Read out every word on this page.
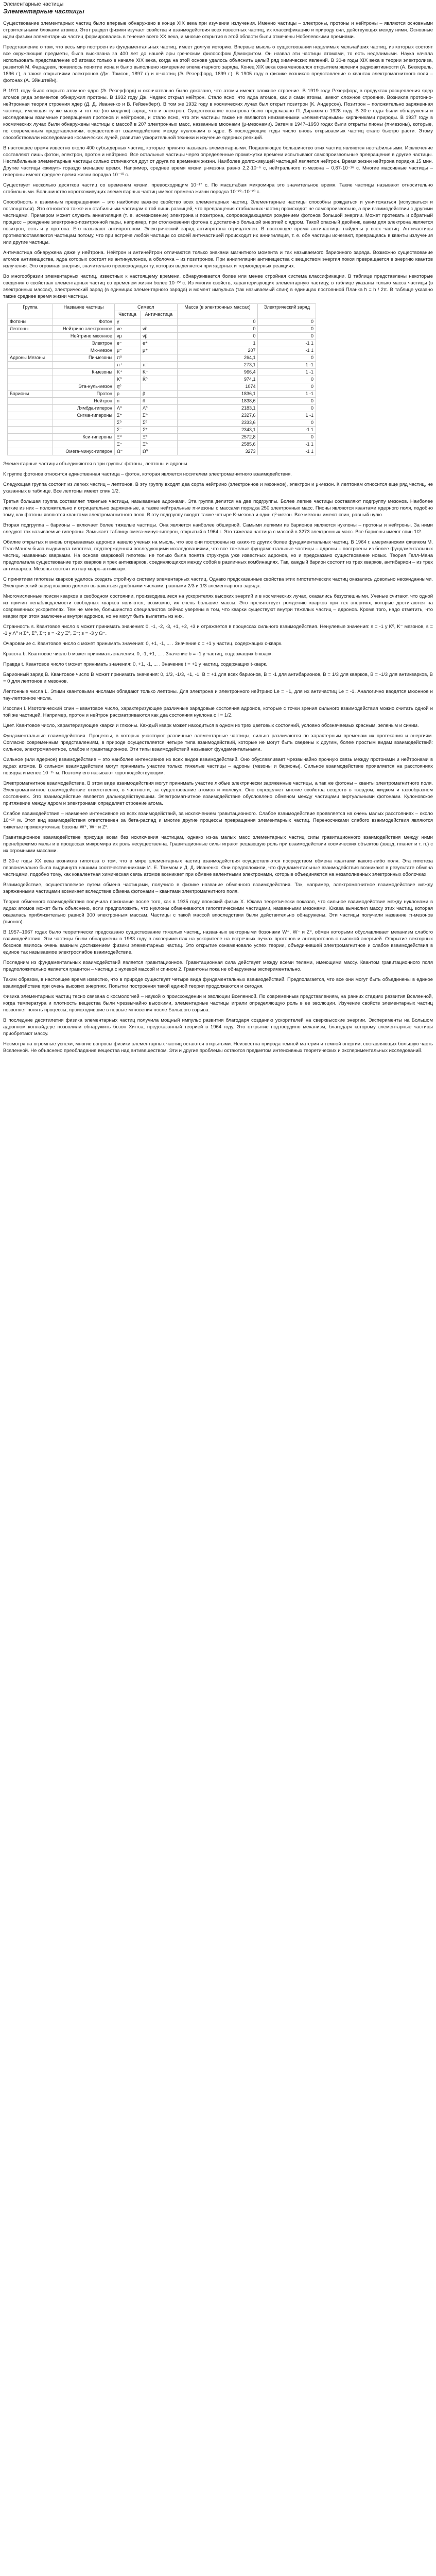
Элементарные частицы
Элементарные частицы

Существование элементарных частиц было впервые обнаружено в конце XIX века при изучении излучения. Именно частицы – электроны, протоны и нейтроны – являются основными строительными блоками атомов. Этот раздел физики изучает свойства и взаимодействия всех известных частиц, их классификацию и природу сил, действующих между ними. Основные идеи физики элементарных частиц формировались в течение всего XX века, и многие открытия в этой области были отмечены Нобелевскими премиями.

Представление о том, что весь мир построен из фундаментальных частиц, имеет долгую историю. Впервые мысль о существовании неделимых мельчайших частиц, из которых состоят все окружающие предметы, была высказана за 400 лет до нашей эры греческим философом Демокритом. Он назвал эти частицы атомами, то есть неделимыми. Наука начала использовать представление об атомах только в начале XIX века, когда на этой основе удалось объяснить целый ряд химических явлений. В 30-е годы XIX века в теории электролиза, развитой М. Фарадеем, появилось понятие иона и было выполнено измерение элементарного заряда. Конец XIX века ознаменовался открытием явления радиоактивности (А. Беккерель, 1896 г.), а также открытиями электронов (Дж. Томсон, 1897 г.) и α-частиц (Э. Резерфорд, 1899 г.). В 1905 году в физике возникло представление о квантах электромагнитного поля – фотонах (А. Эйнштейн).

В 1911 году было открыто атомное ядро (Э. Резерфорд) и окончательно было доказано, что атомы имеют сложное строение. В 1919 году Резерфорд в продуктах расщепления ядер атомов ряда элементов обнаружил протоны. В 1932 году Дж. Чедвик открыл нейтрон. Стало ясно, что ядра атомов, как и сами атомы, имеют сложное строение. Возникла протонно-нейтронная теория строения ядер (Д. Д. Иваненко и В. Гейзенберг). В том же 1932 году в космических лучах был открыт позитрон (К. Андерсон). Позитрон – положительно заряженная частица, имеющая ту же массу и тот же (по модулю) заряд, что и электрон. Существование позитрона было предсказано П. Дираком в 1928 году. В 30-е годы были обнаружены и исследованы взаимные превращения протонов и нейтронов, и стало ясно, что эти частицы также не являются неизменными «элементарными» кирпичиками природы. В 1937 году в космических лучах были обнаружены частицы с массой в 207 электронных масс, названные мюонами (μ-мезонами). Затем в 1947–1950 годах были открыты пионы (π-мезоны), которые, по современным представлениям, осуществляют взаимодействие между нуклонами в ядре. В последующие годы число вновь открываемых частиц стало быстро расти. Этому способствовали исследования космических лучей, развитие ускорительной техники и изучение ядерных реакций.

В настоящее время известно около 400 субъядерных частиц, которые принято называть элементарными. Подавляющее большинство этих частиц являются нестабильными. Исключение составляют лишь фотон, электрон, протон и нейтрино. Все остальные частицы через определенные промежутки времени испытывают самопроизвольные превращения в другие частицы. Нестабильные элементарные частицы сильно отличаются друг от друга по временам жизни. Наиболее долгоживущей частицей является нейтрон. Время жизни нейтрона порядка 15 мин. Другие частицы «живут» гораздо меньшее время. Например, среднее время жизни μ-мезона равно 2,2·10⁻⁶ с, нейтрального π-мезона – 0,87·10⁻¹⁶ с. Многие массивные частицы – гипероны имеют среднее время жизни порядка 10⁻¹⁰ с.

Существует несколько десятков частиц со временем жизни, превосходящим 10⁻¹⁷ с. По масштабам микромира это значительное время. Такие частицы называют относительно стабильными. Большинство короткоживущих элементарных частиц имеют времена жизни порядка 10⁻²²–10⁻²³ с.

Способность к взаимным превращениям – это наиболее важное свойство всех элементарных частиц. Элементарные частицы способны рождаться и уничтожаться (испускаться и поглощаться). Это относится также и к стабильным частицам с той лишь разницей, что превращения стабильных частиц происходят не самопроизвольно, а при взаимодействии с другими частицами. Примером может служить аннигиляция (т. е. исчезновение) электрона и позитрона, сопровождающаяся рождением фотонов большой энергии. Может протекать и обратный процесс – рождение электронно-позитронной пары, например, при столкновении фотона с достаточно большой энергией с ядром. Такой опасный двойник, каким для электрона является позитрон, есть и у протона. Его называют антипротоном. Электрический заряд антипротона отрицателен. В настоящее время античастицы найдены у всех частиц. Античастицы противопоставляются частицам потому, что при встрече любой частицы со своей античастицей происходит их аннигиляция, т. е. обе частицы исчезают, превращаясь в кванты излучения или другие частицы.

Античастица обнаружена даже у нейтрона. Нейтрон и антинейтрон отличаются только знаками магнитного момента и так называемого барионного заряда. Возможно существование атомов антивещества, ядра которых состоят из антинуклонов, а оболочка – из позитронов. При аннигиляции антивещества с веществом энергия покоя превращается в энергию квантов излучения. Это огромная энергия, значительно превосходящая ту, которая выделяется при ядерных и термоядерных реакциях.

Во многообразии элементарных частиц, известных к настоящему времени, обнаруживается более или менее стройная система классификации. В таблице представлены некоторые сведения о свойствах элементарных частиц со временем жизни более 10⁻²⁰ с. Из многих свойств, характеризующих элементарную частицу, в таблице указаны только масса частицы (в электронных массах), электрический заряд (в единицах элементарного заряда) и момент импульса (так называемый спин) в единицах постоянной Планка ħ = h / 2π. В таблице указано также среднее время жизни частицы.

Группа	Название частицы	Символ		Масса (в электронных массах)	Электрический заряд
		Частица	Античастица		
Фотоны	Фотон	γ		0	0
Лептоны	Нейтрино электронное	νe	ν̃e	0	0
	Нейтрино мюонное	νμ	ν̃μ	0	0
	Электрон	e⁻	e⁺	1	-1 1
	Мю-мезон	μ⁻	μ⁺	207	-1 1
Адроны Мезоны	Пи-мезоны	π⁰		264,1	0
		π⁺	π⁻	273,1	1 -1
	К-мезоны	K⁺	K⁻	966,4	1 -1
		K⁰	K̃⁰	974,1	0
	Эта-нуль-мезон	η⁰		1074	0
Барионы	Протон	p	p̃	1836,1	1 -1
	Нейтрон	n	ñ	1838,6	0
	Лямбда-гиперон	Λ⁰	Λ̃⁰	2183,1	0
	Сигма-гипероны	Σ⁺	Σ̃⁻	2327,6	1 -1
		Σ⁰	Σ̃⁰	2333,6	0
		Σ⁻	Σ̃⁺	2343,1	-1 1
	Кси-гипероны	Ξ⁰	Ξ̃⁰	2572,8	0
		Ξ⁻	Ξ̃⁺	2585,6	-1 1
	Омега-минус-гиперон	Ω⁻	Ω̃⁺	3273	-1 1

Элементарные частицы объединяются в три группы: фотоны, лептоны и адроны.

К группе фотонов относится единственная частица – фотон, которая является носителем электромагнитного взаимодействия.

Следующая группа состоит из легких частиц – лептонов. В эту группу входят два сорта нейтрино (электронное и мюонное), электрон и μ-мезон. К лептонам относится еще ряд частиц, не указанных в таблице. Все лептоны имеют спин 1/2.

Третья большая группа составляет тяжелые частицы, называемые адронами. Эта группа делится на две подгруппы. Более легкие частицы составляют подгруппу мезонов. Наиболее легкие из них – положительно и отрицательно заряженные, а также нейтральные π-мезоны с массами порядка 250 электронных масс. Пионы являются квантами ядерного поля, подобно тому, как фотоны являются квантами электромагнитного поля. В эту подгруппу входят также четыре K-мезона и один η⁰-мезон. Все мезоны имеют спин, равный нулю.

Вторая подгруппа – барионы – включает более тяжелые частицы. Она является наиболее обширной. Самыми легкими из барионов являются нуклоны – протоны и нейтроны. За ними следуют так называемые гипероны. Замыкает таблицу омега-минус-гиперон, открытый в 1964 г. Это тяжелая частица с массой в 3273 электронных масс. Все барионы имеют спин 1/2.

Обилие открытых и вновь открываемых адронов навело ученых на мысль, что все они построены из каких-то других более фундаментальных частиц. В 1964 г. американским физиком М. Гелл-Маном была выдвинута гипотеза, подтвержденная последующими исследованиями, что все тяжелые фундаментальные частицы – адроны – построены из более фундаментальных частиц, названных кварками. На основе кварковой гипотезы не только была понята структура уже известных адронов, но и предсказано существование новых. Теория Гелл-Мана предполагала существование трех кварков и трех антикварков, соединяющихся между собой в различных комбинациях. Так, каждый барион состоит из трех кварков, антибарион – из трех антикварков. Мезоны состоят из пар кварк–антикварк.

С принятием гипотезы кварков удалось создать стройную систему элементарных частиц. Однако предсказанные свойства этих гипотетических частиц оказались довольно неожиданными. Электрический заряд кварков должен выражаться дробными числами, равными 2/3 и 1/3 элементарного заряда.

Многочисленные поиски кварков в свободном состоянии, производившиеся на ускорителях высоких энергий и в космических лучах, оказались безуспешными. Ученые считают, что одной из причин ненаблюдаемости свободных кварков являются, возможно, их очень большие массы. Это препятствует рождению кварков при тех энергиях, которые достигаются на современных ускорителях. Тем не менее, большинство специалистов сейчас уверены в том, что кварки существуют внутри тяжелых частиц – адронов. Кроме того, надо отметить, что кварки при этом заключены внутри адронов, но не могут быть вылетать из них.

Странность s. Квантовое число s может принимать значения: 0, -1, -2, -3, +1, +2, +3 и отражается в процессах сильного взаимодействия. Ненулевые значения: s = -1 у K⁰, K⁻ мезонов, s = -1 у Λ⁰ и Σ⁺, Σ⁰, Σ⁻; s = -2 у Ξ⁰, Ξ⁻; s = -3 у Ω⁻.

Очарование c. Квантовое число c может принимать значения: 0, +1, -1, ... . Значение c = +1 у частиц, содержащих c-кварк.

Красота b. Квантовое число b может принимать значения: 0, -1, +1, ... . Значение b = -1 у частиц, содержащих b-кварк.

Правда t. Квантовое число t может принимать значения: 0, +1, -1, ... . Значение t = +1 у частиц, содержащих t-кварк.

Барионный заряд B. Квантовое число B может принимать значения: 0, 1/3, -1/3, +1, -1. B = +1 для всех барионов, B = -1 для антибарионов, B = 1/3 для кварков, B = -1/3 для антикварков, B = 0 для лептонов и мезонов.

Лептонные числа L. Этими квантовыми числами обладают только лептоны. Для электрона и электронного нейтрино Le = +1, для их античастиц Le = -1. Аналогично вводятся мюонное и тау-лептонное числа.

Изоспин I. Изотопический спин – квантовое число, характеризующее различные зарядовые состояния адронов, которые с точки зрения сильного взаимодействия можно считать одной и той же частицей. Например, протон и нейтрон рассматриваются как два состояния нуклона с I = 1/2.

Цвет. Квантовое число, характеризующее кварки и глюоны. Каждый кварк может находиться в одном из трех цветовых состояний, условно обозначаемых красным, зеленым и синим.

Фундаментальные взаимодействия. Процессы, в которых участвуют различные элементарные частицы, сильно различаются по характерным временам их протекания и энергиям. Согласно современным представлениям, в природе осуществляется четыре типа взаимодействий, которые не могут быть сведены к другим, более простым видам взаимодействий: сильное, электромагнитное, слабое и гравитационное. Эти типы взаимодействий называют фундаментальными.

Сильное (или ядерное) взаимодействие – это наиболее интенсивное из всех видов взаимодействий. Оно обуславливает чрезвычайно прочную связь между протонами и нейтронами в ядрах атомов. В сильном взаимодействии могут принимать участие только тяжелые частицы – адроны (мезоны и барионы). Сильное взаимодействие проявляется на расстояниях порядка и менее 10⁻¹⁵ м. Поэтому его называют короткодействующим.

Электромагнитное взаимодействие. В этом виде взаимодействия могут принимать участие любые электрически заряженные частицы, а так же фотоны – кванты электромагнитного поля. Электромагнитное взаимодействие ответственно, в частности, за существование атомов и молекул. Оно определяет многие свойства веществ в твердом, жидком и газообразном состояниях. Это взаимодействие является дальнодействующим. Электромагнитное взаимодействие обусловлено обменом между частицами виртуальными фотонами. Кулоновское притяжение между ядром и электронами определяет строение атома.

Слабое взаимодействие – наименее интенсивное из всех взаимодействий, за исключением гравитационного. Слабое взаимодействие проявляется на очень малых расстояниях – около 10⁻¹⁸ м. Этот вид взаимодействия ответственен за бета-распад и многие другие процессы превращения элементарных частиц. Переносчиками слабого взаимодействия являются тяжелые промежуточные бозоны W⁺, W⁻ и Z⁰.

Гравитационное взаимодействие присуще всем без исключения частицам, однако из-за малых масс элементарных частиц силы гравитационного взаимодействия между ними пренебрежимо малы и в процессах микромира их роль несущественна. Гравитационные силы играют решающую роль при взаимодействии космических объектов (звезд, планет и т. п.) с их огромными массами.

В 30-е годы XX века возникла гипотеза о том, что в мире элементарных частиц взаимодействия осуществляются посредством обмена квантами какого-либо поля. Эта гипотеза первоначально была выдвинута нашими соотечественниками И. Е. Таммом и Д. Д. Иваненко. Они предположили, что фундаментальные взаимодействия возникают в результате обмена частицами, подобно тому, как ковалентная химическая связь атомов возникает при обмене валентными электронами, которые объединяются на незаполненных электронных оболочках.

Взаимодействие, осуществляемое путем обмена частицами, получило в физике название обменного взаимодействия. Так, например, электромагнитное взаимодействие между заряженными частицами возникает вследствие обмена фотонами – квантами электромагнитного поля.

Теория обменного взаимодействия получила признание после того, как в 1935 году японский физик Х. Юкава теоретически показал, что сильное взаимодействие между нуклонами в ядрах атомов может быть объяснено, если предположить, что нуклоны обмениваются гипотетическими частицами, названными мезонами. Юкава вычислил массу этих частиц, которая оказалась приблизительно равной 300 электронным массам. Частицы с такой массой впоследствии были действительно обнаружены. Эти частицы получили название π-мезонов (пионов).

В 1957–1967 годах было теоретически предсказано существование тяжелых частиц, названных векторными бозонами W⁺, W⁻ и Z⁰, обмен которыми обуславливает механизм слабого взаимодействия. Эти частицы были обнаружены в 1983 году в экспериментах на ускорителе на встречных пучках протонов и антипротонов с высокой энергией. Открытие векторных бозонов явилось очень важным достижением физики элементарных частиц. Это открытие ознаменовало успех теории, объединившей электромагнитное и слабое взаимодействия в единое так называемое электрослабое взаимодействие.

Последним из фундаментальных взаимодействий является гравитационное. Гравитационная сила действует между всеми телами, имеющими массу. Квантом гравитационного поля предположительно является гравитон – частица с нулевой массой и спином 2. Гравитоны пока не обнаружены экспериментально.

Таким образом, в настоящее время известно, что в природе существует четыре вида фундаментальных взаимодействий. Предполагается, что все они могут быть объединены в единое взаимодействие при очень высоких энергиях. Попытки построения такой единой теории продолжаются и сегодня.

Физика элементарных частиц тесно связана с космологией – наукой о происхождении и эволюции Вселенной. По современным представлениям, на ранних стадиях развития Вселенной, когда температура и плотность вещества были чрезвычайно высокими, элементарные частицы играли определяющую роль в ее эволюции. Изучение свойств элементарных частиц позволяет понять процессы, происходившие в первые мгновения после Большого взрыва.

В последние десятилетия физика элементарных частиц получила мощный импульс развития благодаря созданию ускорителей на сверхвысокие энергии. Эксперименты на Большом адронном коллайдере позволили обнаружить бозон Хиггса, предсказанный теорией в 1964 году. Это открытие подтвердило механизм, благодаря которому элементарные частицы приобретают массу.

Несмотря на огромные успехи, многие вопросы физики элементарных частиц остаются открытыми. Неизвестна природа темной материи и темной энергии, составляющих большую часть Вселенной. Не объяснено преобладание вещества над антивеществом. Эти и другие проблемы остаются предметом интенсивных теоретических и экспериментальных исследований.
